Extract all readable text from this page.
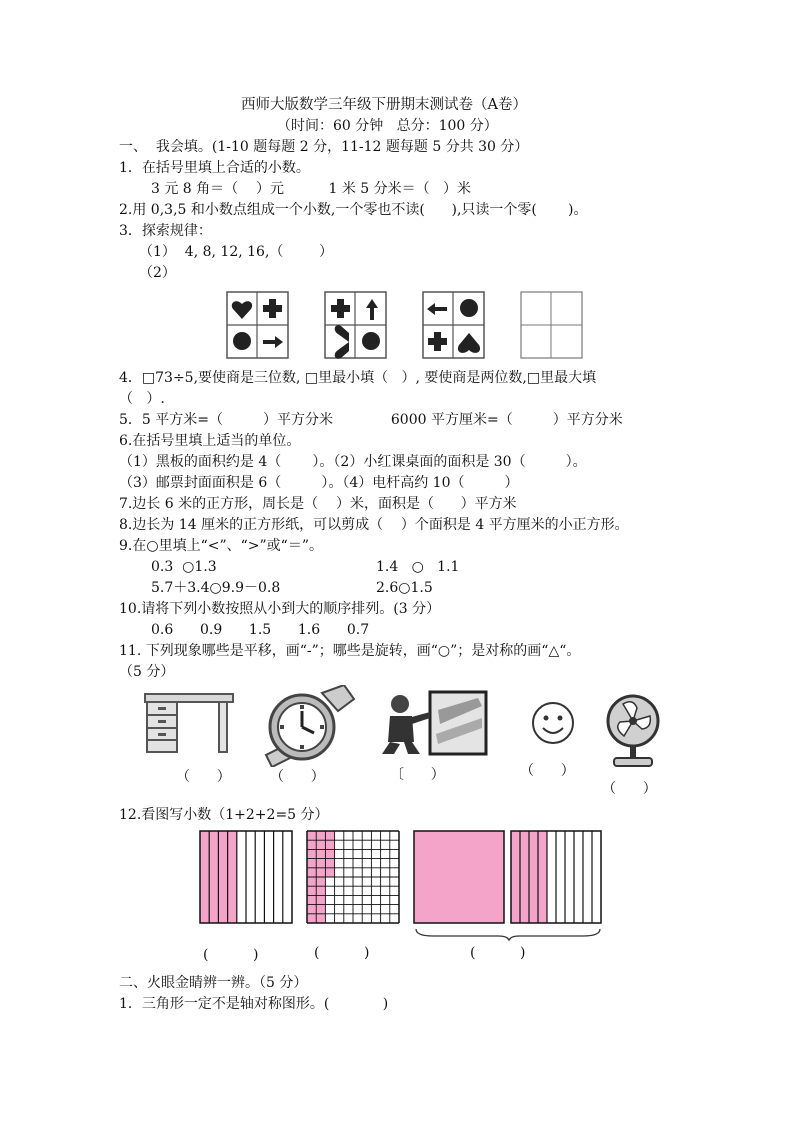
西师大版数学三年级下册期末测试卷（A卷）
（时间：60 分钟   总分：100 分）
一、  我会填。(1-10 题每题 2 分，11-12 题每题 5 分共 30 分）
1．在括号里填上合适的小数。
3 元 8 角＝（    ）元          1 米 5 分米＝（   ）米
2.用 0,3,5 和小数点组成一个小数,一个零也不读(      ),只读一个零(       )。
3．探索规律：
（1）  4, 8, 12, 16,（        ）
（2）
4．□73÷5,要使商是三位数, □里最小填（   ）, 要使商是两位数,□里最大填
（   ）.
5．5 平方米=（         ）平方分米             6000 平方厘米=（         ）平方分米
6.在括号里填上适当的单位。
（1）黑板的面积约是 4（       ）。（2）小红课桌面的面积是 30（         ）。
（3）邮票封面面积是 6（         ）。（4）电杆高约 10（         ）
7.边长 6 米的正方形，周长是（    ）米，面积是（      ）平方米
8.边长为 14 厘米的正方形纸，可以剪成（    ）个面积是 4 平方厘米的小正方形。
9.在○里填上“<”、“>”或“＝”。
0.3  ○1.3	1.4   ○   1.1
5.7＋3.4○9.9－0.8	2.6○1.5
10.请将下列小数按照从小到大的顺序排列。(3 分）
0.6      0.9      1.5      1.6      0.7
11. 下列现象哪些是平移，画“-”；哪些是旋转，画“○”；是对称的画“△“。
（5 分）
（      ）	（      ）	〔      ）	（      ）
（      ）
12.看图写小数（1+2+2=5 分）
(          )	(          )	(          )
二、火眼金睛辨一辨。（5 分）
1．三角形一定不是轴对称图形。(            )
